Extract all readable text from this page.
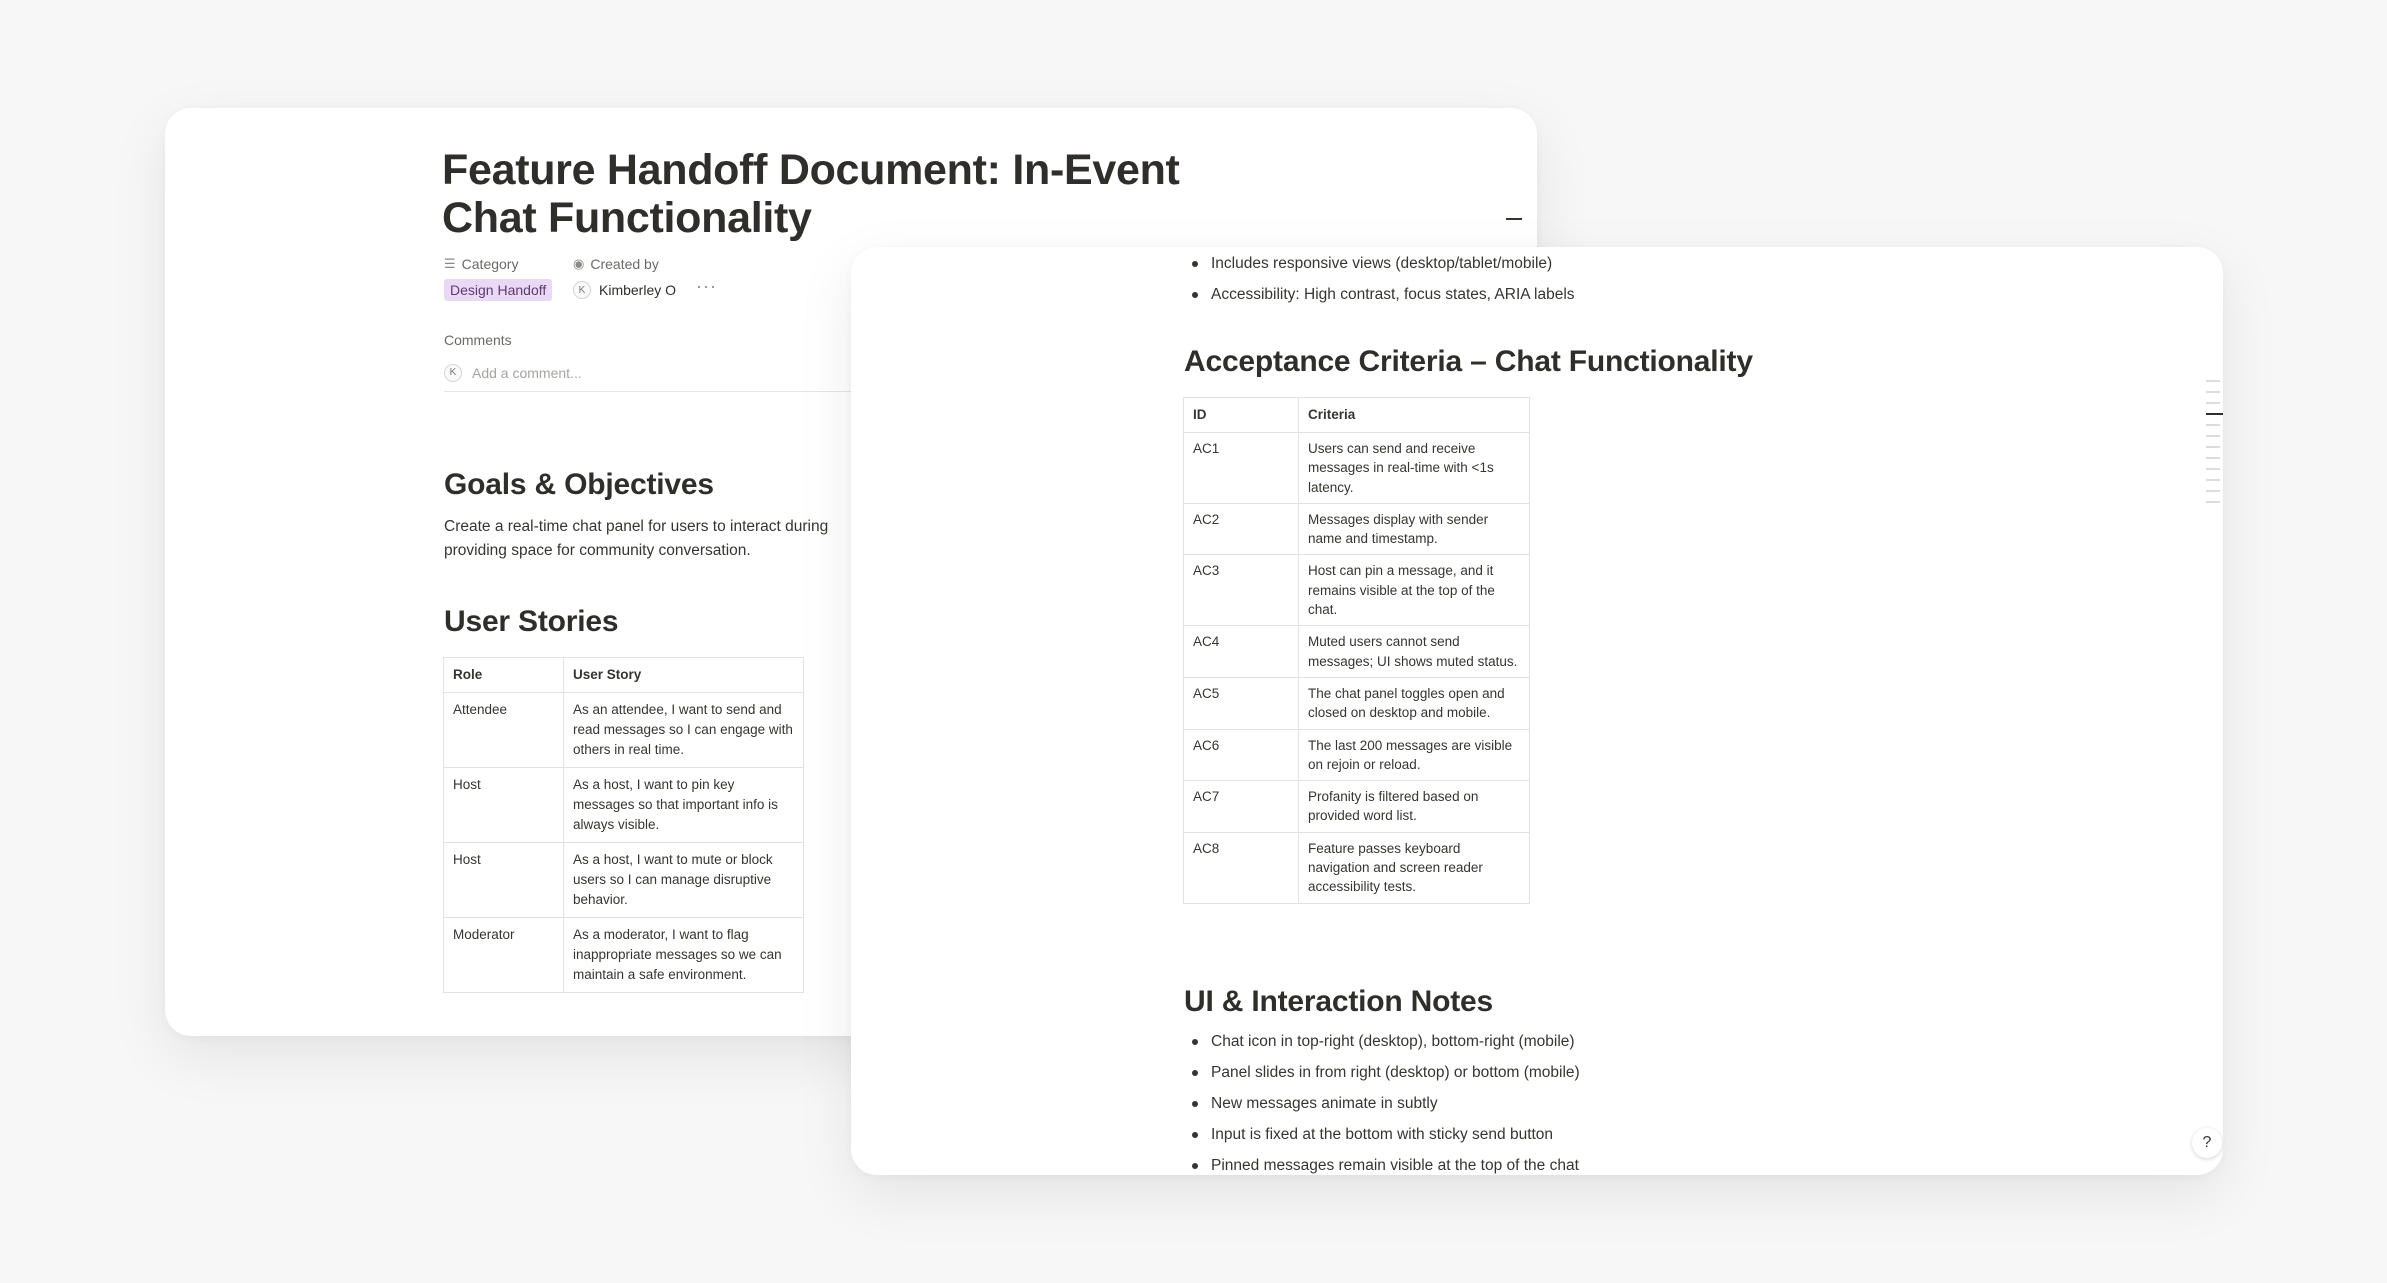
Feature Handoff Document: In-Event Chat Functionality
☰ Category	◉ Created by
Design Handoff	K Kimberley O ···
Comments
K
Add a comment...
Goals & Objectives

Create a real-time chat panel for users to interact during providing space for community conversation.

User Stories
Role	User Story
Attendee	As an attendee, I want to send and read messages so I can engage with others in real time.
Host	As a host, I want to pin key messages so that important info is always visible.
Host	As a host, I want to mute or block users so I can manage disruptive behavior.
Moderator	As a moderator, I want to flag inappropriate messages so we can maintain a safe environment.
Includes responsive views (desktop/tablet/mobile)
Accessibility: High contrast, focus states, ARIA labels
Acceptance Criteria – Chat Functionality
ID	Criteria
AC1	Users can send and receive messages in real-time with <1s latency.
AC2	Messages display with sender name and timestamp.
AC3	Host can pin a message, and it remains visible at the top of the chat.
AC4	Muted users cannot send messages; UI shows muted status.
AC5	The chat panel toggles open and closed on desktop and mobile.
AC6	The last 200 messages are visible on rejoin or reload.
AC7	Profanity is filtered based on provided word list.
AC8	Feature passes keyboard navigation and screen reader accessibility tests.
UI & Interaction Notes
Chat icon in top-right (desktop), bottom-right (mobile)
Panel slides in from right (desktop) or bottom (mobile)
New messages animate in subtly
Input is fixed at the bottom with sticky send button
Pinned messages remain visible at the top of the chat
?
